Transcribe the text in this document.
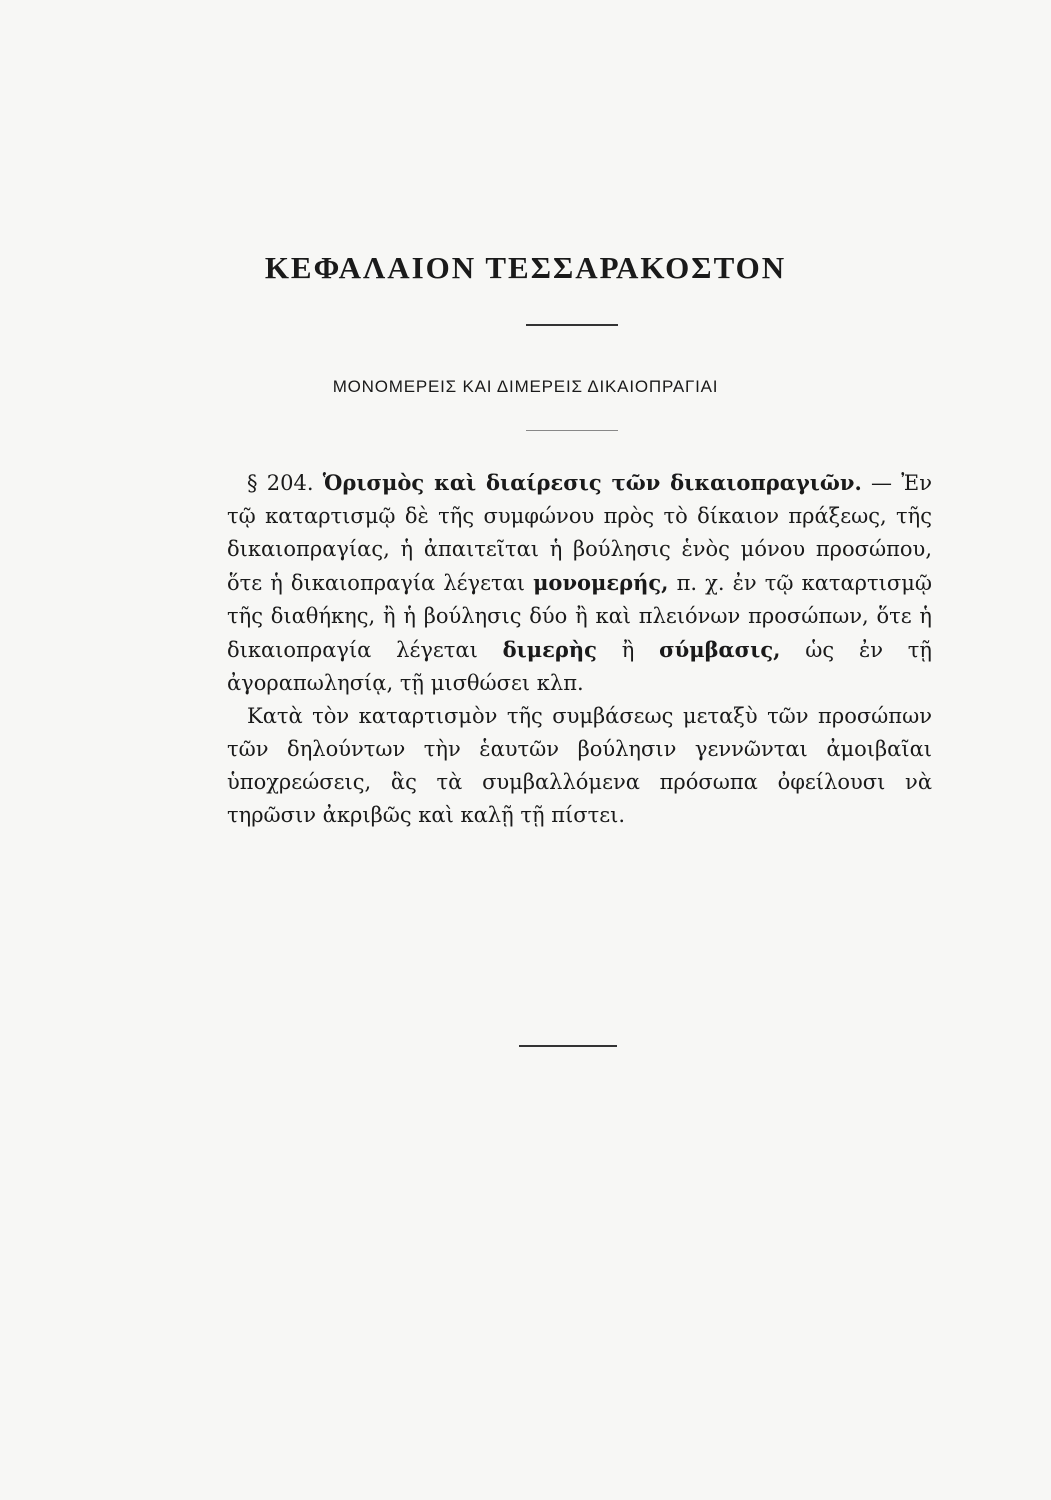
ΚΕΦΑΛΑΙΟΝ ΤΕΣΣΑΡΑΚΟΣΤΟΝ
ΜΟΝΟΜΕΡΕΙΣ ΚΑΙ ΔΙΜΕΡΕΙΣ ΔΙΚΑΙΟΠΡΑΓΙΑΙ

§ 204. Ὁρισμὸς καὶ διαίρεσις τῶν δικαιοπραγιῶν. — Ἐν τῷ καταρτισμῷ δὲ τῆς συμφώνου πρὸς τὸ δίκαιον πράξεως, τῆς δικαιοπραγίας, ἡ ἀπαιτεῖται ἡ βούλησις ἑνὸς μόνου προσώπου, ὅτε ἡ δικαιοπραγία λέγεται μονομερής, π. χ. ἐν τῷ καταρτισμῷ τῆς διαθήκης, ἢ ἡ βούλησις δύο ἢ καὶ πλειόνων προσώπων, ὅτε ἡ δικαιοπραγία λέγεται διμερὴς ἢ σύμβασις, ὡς ἐν τῇ ἀγοραπωλησίᾳ, τῇ μισθώσει κλπ.

Κατὰ τὸν καταρτισμὸν τῆς συμβάσεως μεταξὺ τῶν προσώπων τῶν δηλούντων τὴν ἑαυτῶν βούλησιν γεννῶνται ἀμοιβαῖαι ὑποχρεώσεις, ἃς τὰ συμβαλλόμενα πρόσωπα ὀφείλουσι νὰ τηρῶσιν ἀκριβῶς καὶ καλῇ τῇ πίστει.
